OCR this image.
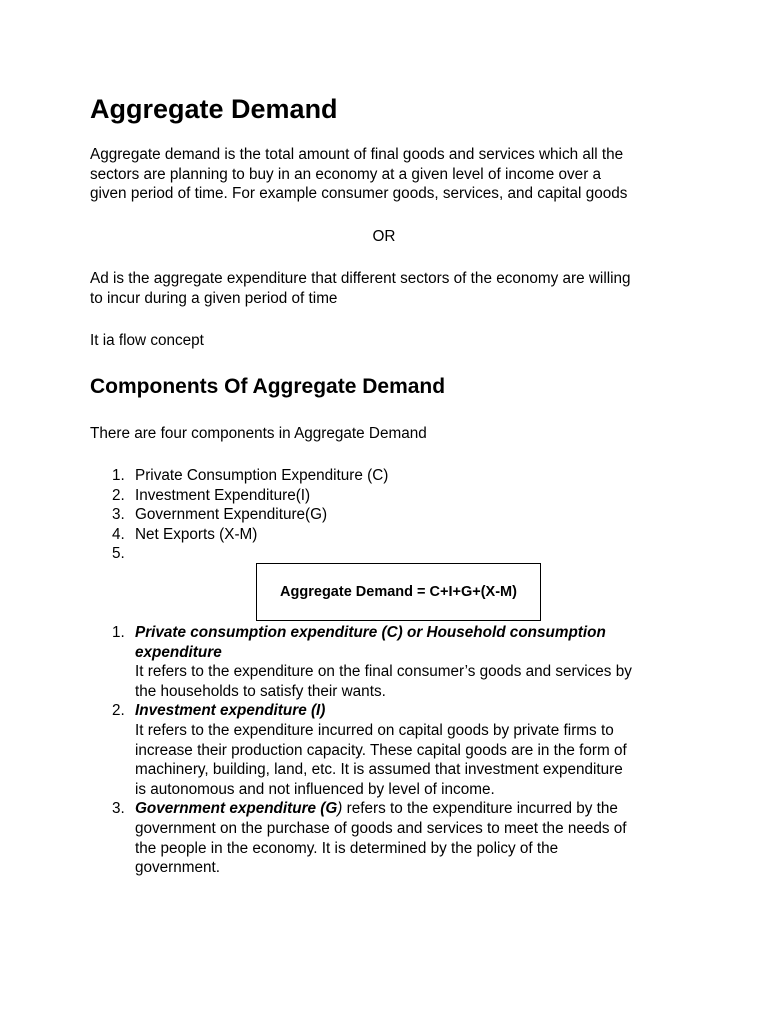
Aggregate Demand
Aggregate demand is the total amount of final goods and services which all the
sectors are planning to buy in an economy at a given level of income over a
given period of time. For example consumer goods, services, and capital goods
OR
Ad is the aggregate expenditure that different sectors of the economy are willing
to incur during a given period of time
It ia flow concept
Components Of Aggregate Demand
There are four components in Aggregate Demand
1. Private Consumption Expenditure (C)
2. Investment Expenditure(I)
3. Government Expenditure(G)
4. Net Exports (X-M)
5.

Aggregate Demand = C+I+G+(X-M)
1. Private consumption expenditure (C) or Household consumption
expenditure
It refers to the expenditure on the final consumer’s goods and services by
the households to satisfy their wants.
2. Investment expenditure (I)
It refers to the expenditure incurred on capital goods by private firms to
increase their production capacity. These capital goods are in the form of
machinery, building, land, etc. It is assumed that investment expenditure
is autonomous and not influenced by level of income.
3. Government expenditure (G) refers to the expenditure incurred by the
government on the purchase of goods and services to meet the needs of
the people in the economy. It is determined by the policy of the
government.
